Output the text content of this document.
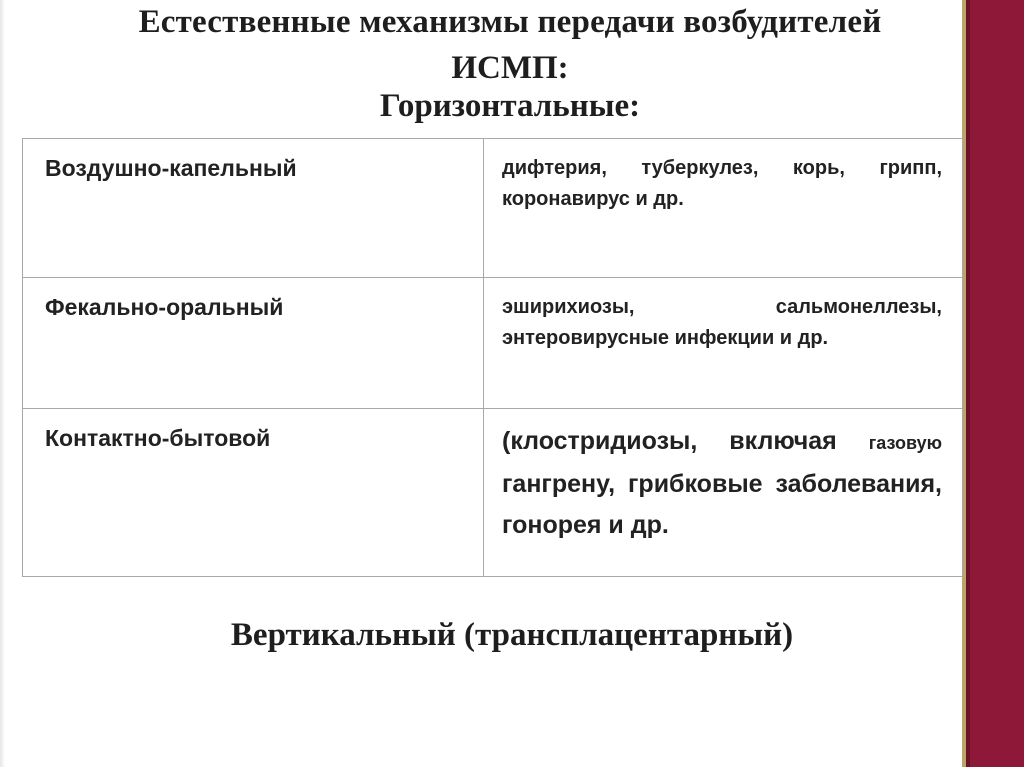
Естественные механизмы передачи возбудителей
ИСМП:
Горизонтальные:
Воздушно-капельный	дифтерия, туберкулез, корь, грипп, коронавирус и др.

Фекально-оральный	эширихиозы, сальмонеллезы, энтеровирусные инфекции и др.

Контактно-бытовой	(клостридиозы, включая газовую гангрену, грибковые заболевания, гонорея и др.
Вертикальный (трансплацентарный)
